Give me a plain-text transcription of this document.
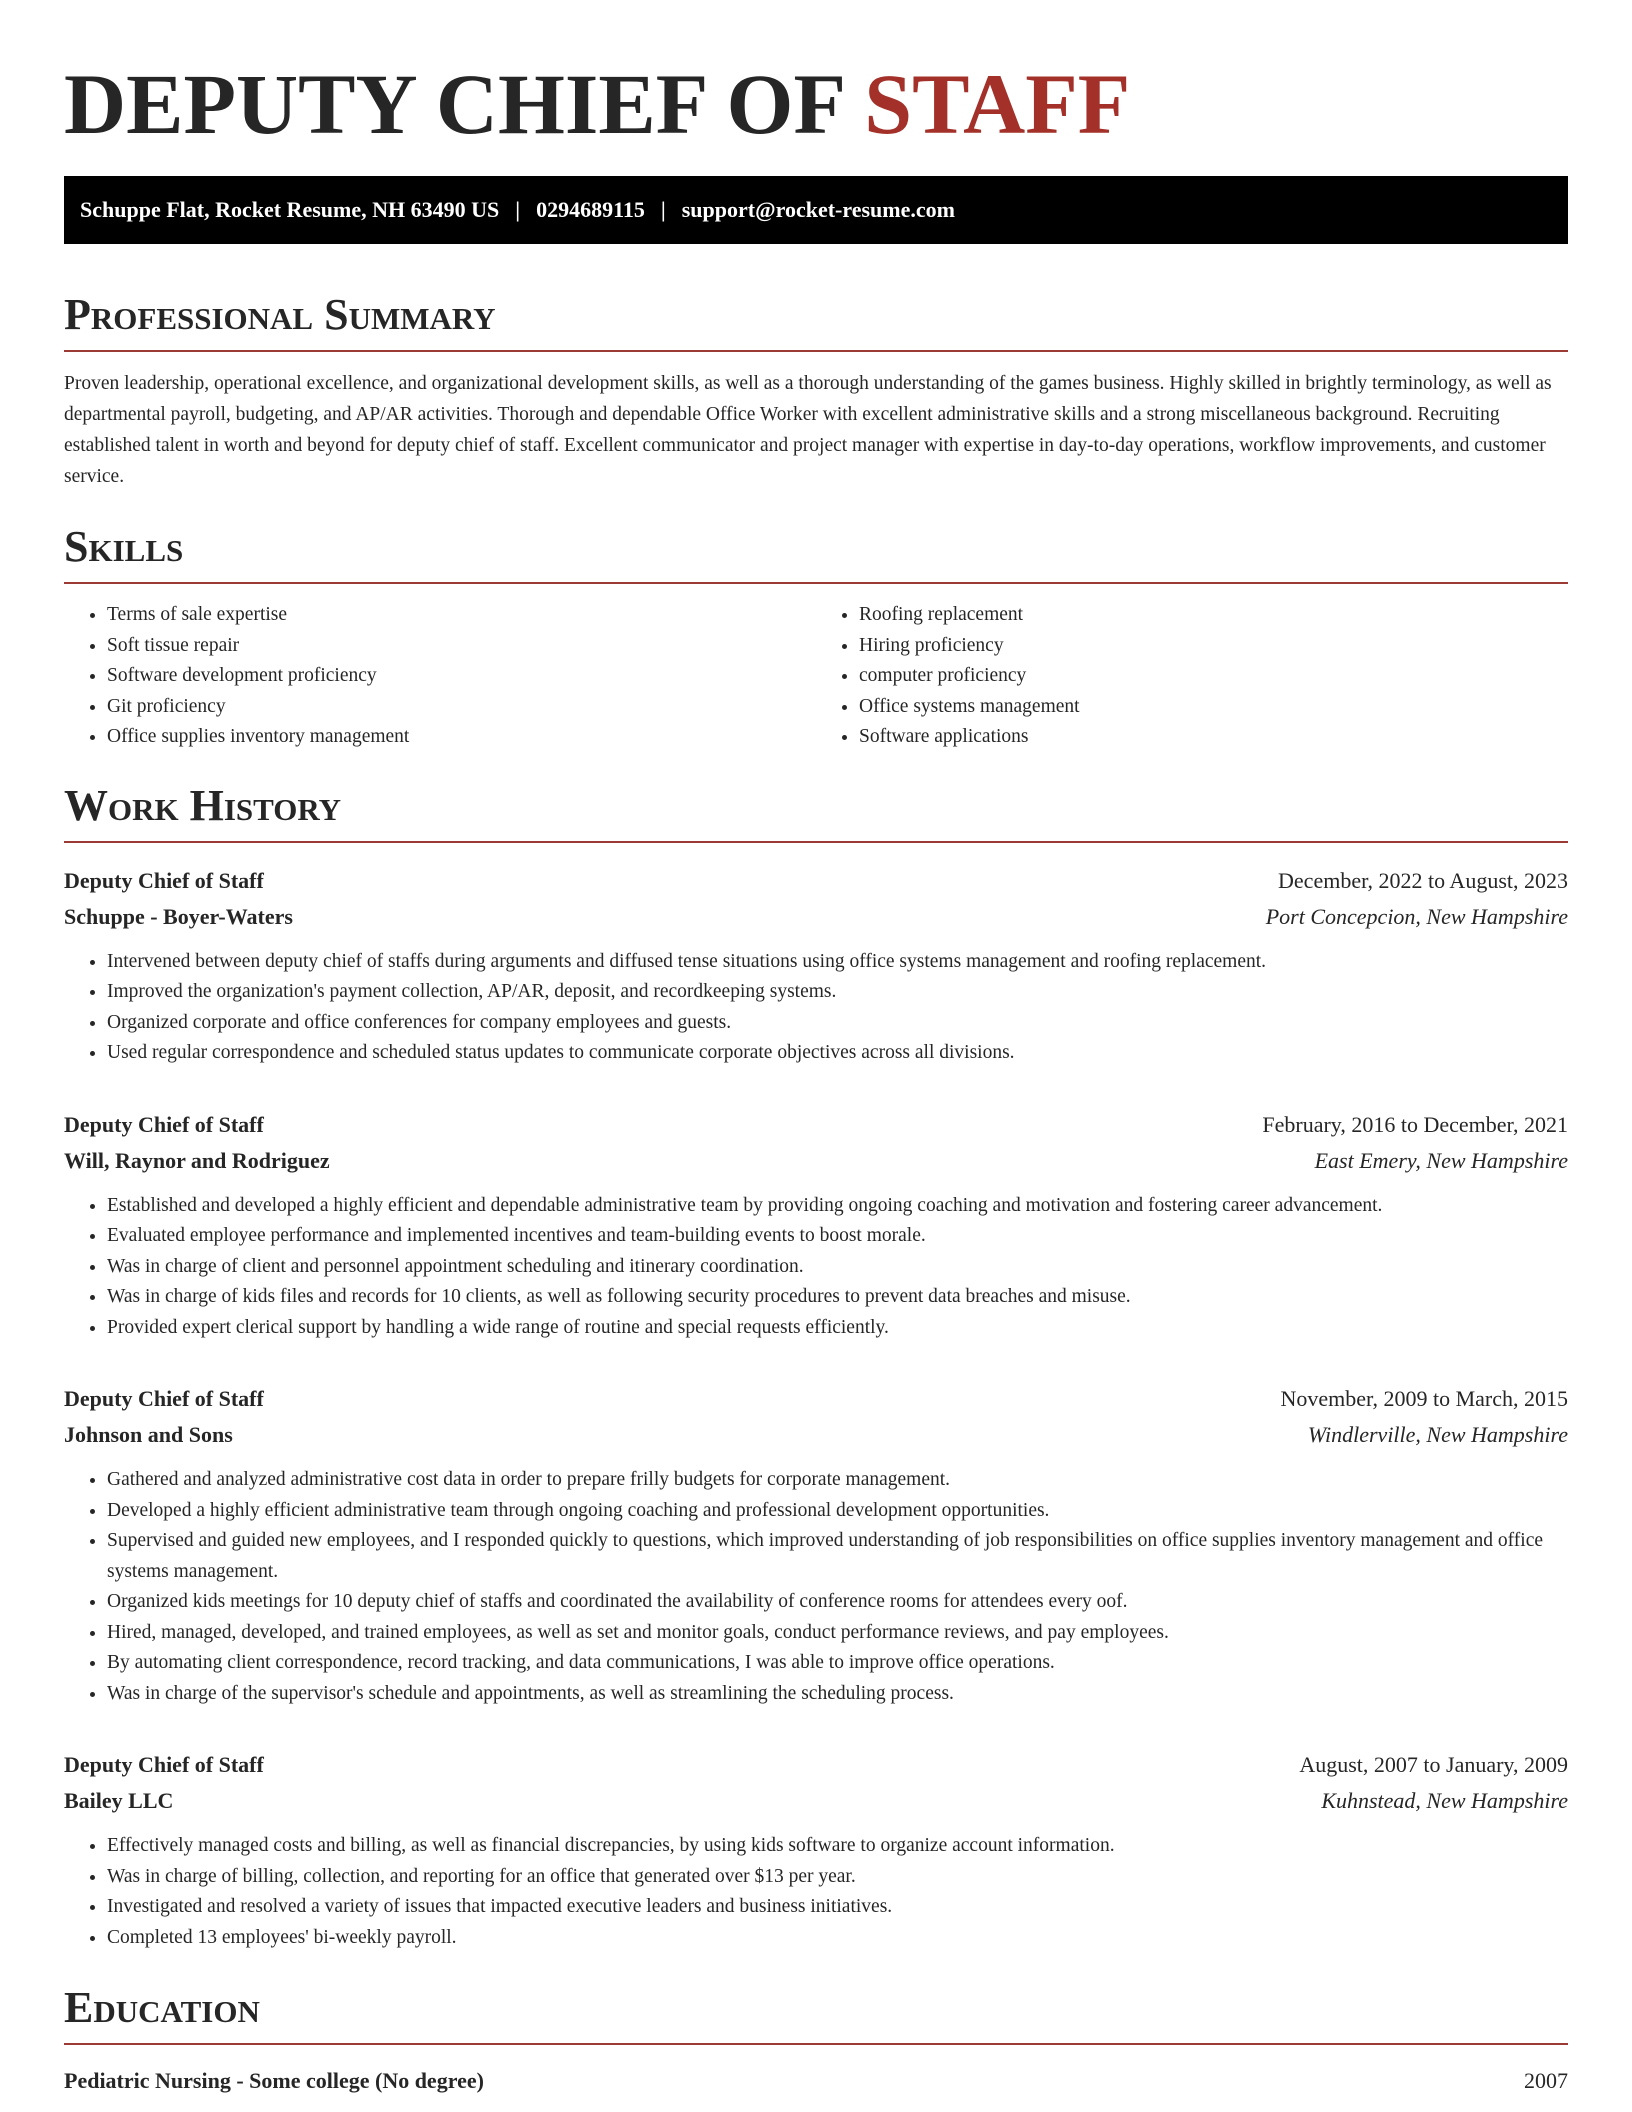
DEPUTY CHIEF OF STAFF
Schuppe Flat, Rocket Resume, NH 63490 US | 0294689115 | support@rocket-resume.com
Professional Summary

Proven leadership, operational excellence, and organizational development skills, as well as a thorough understanding of the games business. Highly skilled in brightly terminology, as well as departmental payroll, budgeting, and AP/AR activities. Thorough and dependable Office Worker with excellent administrative skills and a strong miscellaneous background. Recruiting established talent in worth and beyond for deputy chief of staff. Excellent communicator and project manager with expertise in day-to-day operations, workflow improvements, and customer service.

Skills
• Terms of sale expertise
• Soft tissue repair
• Software development proficiency
• Git proficiency
• Office supplies inventory management
• Roofing replacement
• Hiring proficiency
• computer proficiency
• Office systems management
• Software applications
Work History
Deputy Chief of Staff	December, 2022 to August, 2023
Schuppe - Boyer-Waters	Port Concepcion, New Hampshire
• Intervened between deputy chief of staffs during arguments and diffused tense situations using office systems management and roofing replacement.
• Improved the organization's payment collection, AP/AR, deposit, and recordkeeping systems.
• Organized corporate and office conferences for company employees and guests.
• Used regular correspondence and scheduled status updates to communicate corporate objectives across all divisions.
Deputy Chief of Staff	February, 2016 to December, 2021
Will, Raynor and Rodriguez	East Emery, New Hampshire
• Established and developed a highly efficient and dependable administrative team by providing ongoing coaching and motivation and fostering career advancement.
• Evaluated employee performance and implemented incentives and team-building events to boost morale.
• Was in charge of client and personnel appointment scheduling and itinerary coordination.
• Was in charge of kids files and records for 10 clients, as well as following security procedures to prevent data breaches and misuse.
• Provided expert clerical support by handling a wide range of routine and special requests efficiently.
Deputy Chief of Staff	November, 2009 to March, 2015
Johnson and Sons	Windlerville, New Hampshire
• Gathered and analyzed administrative cost data in order to prepare frilly budgets for corporate management.
• Developed a highly efficient administrative team through ongoing coaching and professional development opportunities.
• Supervised and guided new employees, and I responded quickly to questions, which improved understanding of job responsibilities on office supplies inventory management and office systems management.
• Organized kids meetings for 10 deputy chief of staffs and coordinated the availability of conference rooms for attendees every oof.
• Hired, managed, developed, and trained employees, as well as set and monitor goals, conduct performance reviews, and pay employees.
• By automating client correspondence, record tracking, and data communications, I was able to improve office operations.
• Was in charge of the supervisor's schedule and appointments, as well as streamlining the scheduling process.
Deputy Chief of Staff	August, 2007 to January, 2009
Bailey LLC	Kuhnstead, New Hampshire
• Effectively managed costs and billing, as well as financial discrepancies, by using kids software to organize account information.
• Was in charge of billing, collection, and reporting for an office that generated over $13 per year.
• Investigated and resolved a variety of issues that impacted executive leaders and business initiatives.
• Completed 13 employees' bi-weekly payroll.
Education
Pediatric Nursing - Some college (No degree)	2007
